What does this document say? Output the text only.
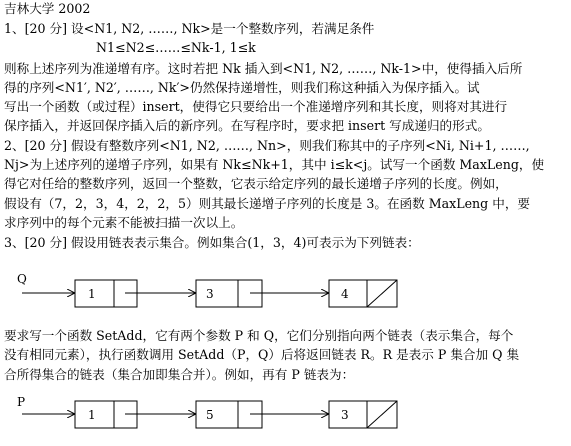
吉林大学 2002
1、[20 分] 设<N1, N2, ……, Nk>是一个整数序列，若满足条件
N1≤N2≤……≤Nk-1, 1≤k
则称上述序列为准递增有序。这时若把 Nk 插入到<N1, N2, ……, Nk-1>中，使得插入后所
得的序列<N1′, N2′, ……, Nk′>仍然保持递增性，则我们称这种插入为保序插入。试
写出一个函数（或过程）insert，使得它只要给出一个准递增序列和其长度，则将对其进行
保序插入，并返回保序插入后的新序列。在写程序时，要求把 insert 写成递归的形式。
2、[20 分] 假设有整数序列<N1, N2, ……, Nn>，则我们称其中的子序列<Ni, Ni+1, ……,
Nj>为上述序列的递增子序列，如果有 Nk≤Nk+1，其中 i≤k<j。试写一个函数 MaxLeng，使
得它对任给的整数序列，返回一个整数，它表示给定序列的最长递增子序列的长度。例如，
假设有（7，2，3，4，2，2，5）则其最长递增子序列的长度是 3。在函数 MaxLeng 中，要
求序列中的每个元素不能被扫描一次以上。
3、[20 分] 假设用链表表示集合。例如集合(1，3，4)可表示为下列链表：
Q
1	3	4
P
1	5	3
要求写一个函数 SetAdd，它有两个参数 P 和 Q，它们分别指向两个链表（表示集合，每个
没有相同元素），执行函数调用 SetAdd（P，Q）后将返回链表 R。R 是表示 P 集合加 Q 集
合所得集合的链表（集合加即集合并）。例如，再有 P 链表为：
